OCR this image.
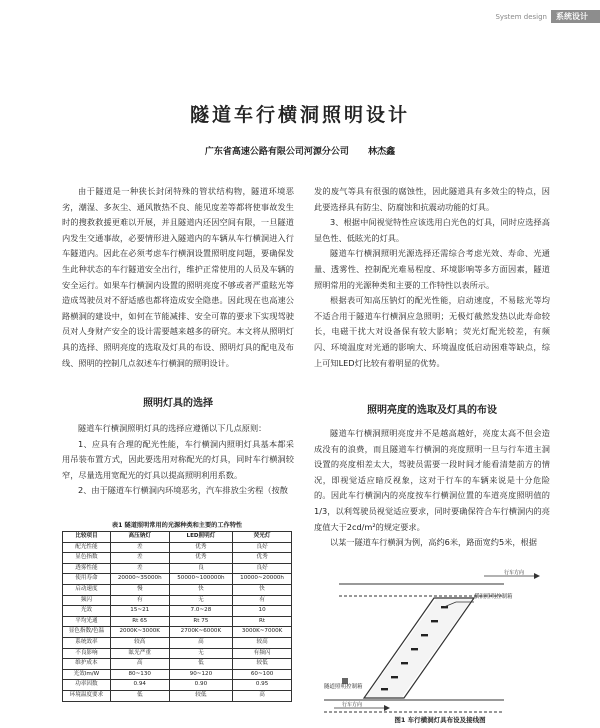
System design	系统设计
隧道车行横洞照明设计
广东省高速公路有限公司河源分公司 林杰鑫

由于隧道是一种狭长封闭特殊的管状结构物，隧道环境恶劣，潮湿、多灰尘、通风散热不良、能见度差等都将使事故发生时的搜救救援更难以开展，并且隧道内还因空间有限，一旦隧道内发生交通事故，必要情形进入隧道内的车辆从车行横洞进入行车隧道内。因此在必须考虑车行横洞设置照明度问题，要确保发生此种状态的车行隧道安全出行，维护正常使用的人员及车辆的安全运行。如果车行横洞内设置的照明亮度不够或者严重眩光等造成驾驶员对不舒适感也都将造成安全隐患。因此现在也高速公路横洞的建设中，如何在节能减排、安全可靠的要求下实现驾驶员对人身财产安全的设计需要越来越多的研究。本文将从照明灯具的选择、照明亮度的选取及灯具的布设、照明灯具的配电及布线、照明的控制几点叙述车行横洞的照明设计。

照明灯具的选择

隧道车行横洞照明灯具的选择应遵循以下几点原则：

1、应具有合理的配光性能，车行横洞内照明灯具基本都采用吊装布置方式，因此要选用对称配光的灯具，同时车行横洞较窄，尽量选用宽配光的灯具以提高照明利用系数。

2、由于隧道车行横洞内环境恶劣，汽车排放尘劣程（按散

表1 隧道照明常用的光源种类和主要的工作特性
比较项目	高压钠灯	LED照明灯	荧光灯
配光性能	差	优秀	良好
显色指数	差	优秀	优秀
透雾性能	差	良	良好
使用寿命	20000~35000h	50000~100000h	10000~20000h
启动速度	慢	快	快
频闪	有	无	有
光效	15~21	7.0~28	10
平均光通	Rt 65	Rt 75	Rt
显色指数/色温	2000K~3000K	2700K~6000K	3000K~7000K
系统效率	较高	高	较高
不良影响	眩光严重	无	有频闪
维护成本	高	低	较低
光效lm/W	80~130	90~120	60~100
功率因数	0.94	0.90	0.95
环境温度要求	低	较低	高

发的废气等具有很强的腐蚀性，因此隧道具有多效尘的特点，因此要选择具有防尘、防腐蚀和抗震动功能的灯具。

3、根据中间视觉特性应该选用白光色的灯具，同时应选择高显色性、低眩光的灯具。

隧道车行横洞照明光源选择还需综合考虑光效、寿命、光通量、透雾性、控制配光难易程度、环境影响等多方面因素，隧道照明常用的光源种类和主要的工作特性以表所示。

根据表可知高压钠灯的配光性能，启动速度，不易眩光等均不适合用于隧道车行横洞应急照明；无极灯截然发热以此寿命较长，电磁干扰大对设备保有较大影响；荧光灯配光较差，有频闪、环境温度对光通的影响大、环境温度低启动困难等缺点，综上可知LED灯比较有着明显的优势。

照明亮度的选取及灯具的布设

隧道车行横洞照明亮度并不是越高越好，亮度太高不但会造成没有的浪费，而且隧道车行横洞的亮度照明一旦与行车道主洞设置的亮度相差太大，驾驶员需要一段时间才能看清楚前方的情况，即视觉适应暗反视象，这对于行车的车辆来说是十分危险的。因此车行横洞内的亮度按车行横洞位置的车道亮度照明值的1/3，以利驾驶员视觉适应要求，同时要确保符合车行横洞内的亮度值大于2cd/m²的规定要求。

以某一隧道车行横洞为例，高约6米，路面宽约5米，根据

行车方向
横洞照明控制箱
隧道照明控制箱
行车方向
图1 车行横洞灯具布设及接线图
